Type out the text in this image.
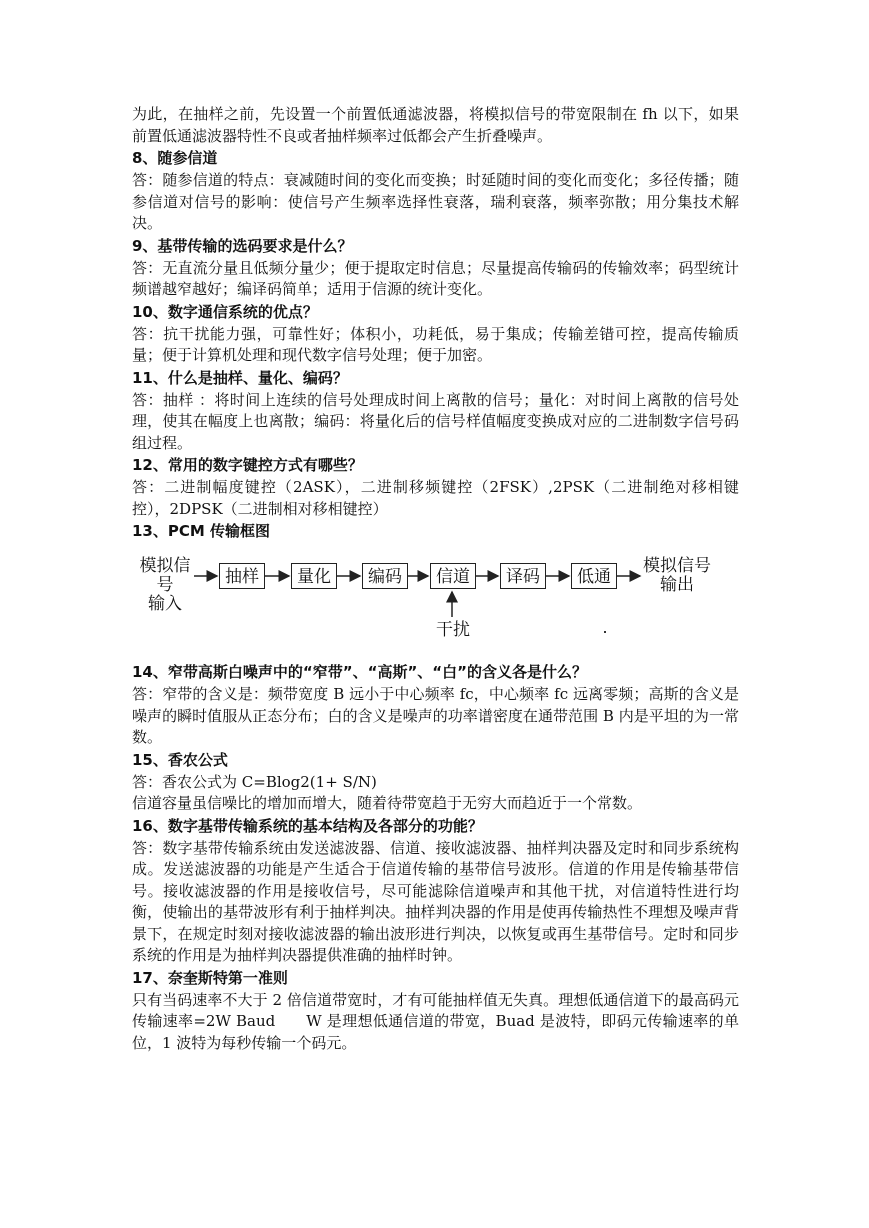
为此，在抽样之前，先设置一个前置低通滤波器，将模拟信号的带宽限制在 fh 以下，如果前置低通滤波器特性不良或者抽样频率过低都会产生折叠噪声。

8、随参信道

答：随参信道的特点：衰减随时间的变化而变换；时延随时间的变化而变化；多径传播；随参信道对信号的影响：使信号产生频率选择性衰落，瑞利衰落，频率弥散；用分集技术解决。

9、基带传输的选码要求是什么？

答：无直流分量且低频分量少；便于提取定时信息；尽量提高传输码的传输效率；码型统计频谱越窄越好；编译码简单；适用于信源的统计变化。

10、数字通信系统的优点？

答：抗干扰能力强，可靠性好；体积小，功耗低，易于集成；传输差错可控，提高传输质量；便于计算机处理和现代数字信号处理；便于加密。

11、什么是抽样、量化、编码？

答：抽样 ：将时间上连续的信号处理成时间上离散的信号；量化：对时间上离散的信号处理，使其在幅度上也离散；编码：将量化后的信号样值幅度变换成对应的二进制数字信号码组过程。

12、常用的数字键控方式有哪些？

答：二进制幅度键控（2ASK），二进制移频键控（2FSK）,2PSK（二进制绝对移相键控），2DPSK（二进制相对移相键控）

13、PCM 传输框图

模拟信号
输入
抽样	量化	编码	信道	译码	低通
模拟信号
输出
干扰

14、窄带高斯白噪声中的“窄带”、“高斯”、“白”的含义各是什么？

答：窄带的含义是：频带宽度 B 远小于中心频率 fc，中心频率 fc 远离零频；高斯的含义是噪声的瞬时值服从正态分布；白的含义是噪声的功率谱密度在通带范围 B 内是平坦的为一常数。

15、香农公式

答：香农公式为 C=Blog2(1+ S/N)

信道容量虽信噪比的增加而增大，随着待带宽趋于无穷大而趋近于一个常数。

16、数字基带传输系统的基本结构及各部分的功能？

答：数字基带传输系统由发送滤波器、信道、接收滤波器、抽样判决器及定时和同步系统构成。发送滤波器的功能是产生适合于信道传输的基带信号波形。信道的作用是传输基带信号。接收滤波器的作用是接收信号，尽可能滤除信道噪声和其他干扰，对信道特性进行均衡，使输出的基带波形有利于抽样判决。抽样判决器的作用是使再传输热性不理想及噪声背景下，在规定时刻对接收滤波器的输出波形进行判决，以恢复或再生基带信号。定时和同步系统的作用是为抽样判决器提供准确的抽样时钟。

17、奈奎斯特第一准则

只有当码速率不大于 2 倍信道带宽时，才有可能抽样值无失真。理想低通信道下的最高码元传输速率=2W Baud　　W 是理想低通信道的带宽，Buad 是波特，即码元传输速率的单位，1 波特为每秒传输一个码元。
